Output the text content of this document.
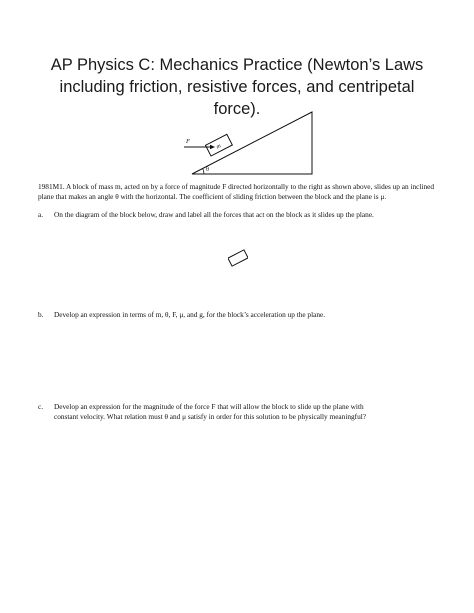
AP Physics C: Mechanics Practice (Newton’s Laws including friction, resistive forces, and centripetal force).
m
F
θ
1981M1. A block of mass m, acted on by a force of magnitude F directed horizontally to the right as shown above, slides up an inclined plane that makes an angle θ with the horizontal. The coefficient of sliding friction between the block and the plane is μ.
a. On the diagram of the block below, draw and label all the forces that act on the block as it slides up the plane.
b. Develop an expression in terms of m, θ, F, μ, and g, for the block’s acceleration up the plane.
c. Develop an expression for the magnitude of the force F that will allow the block to slide up the plane with
constant velocity. What relation must θ and μ satisfy in order for this solution to be physically meaningful?
